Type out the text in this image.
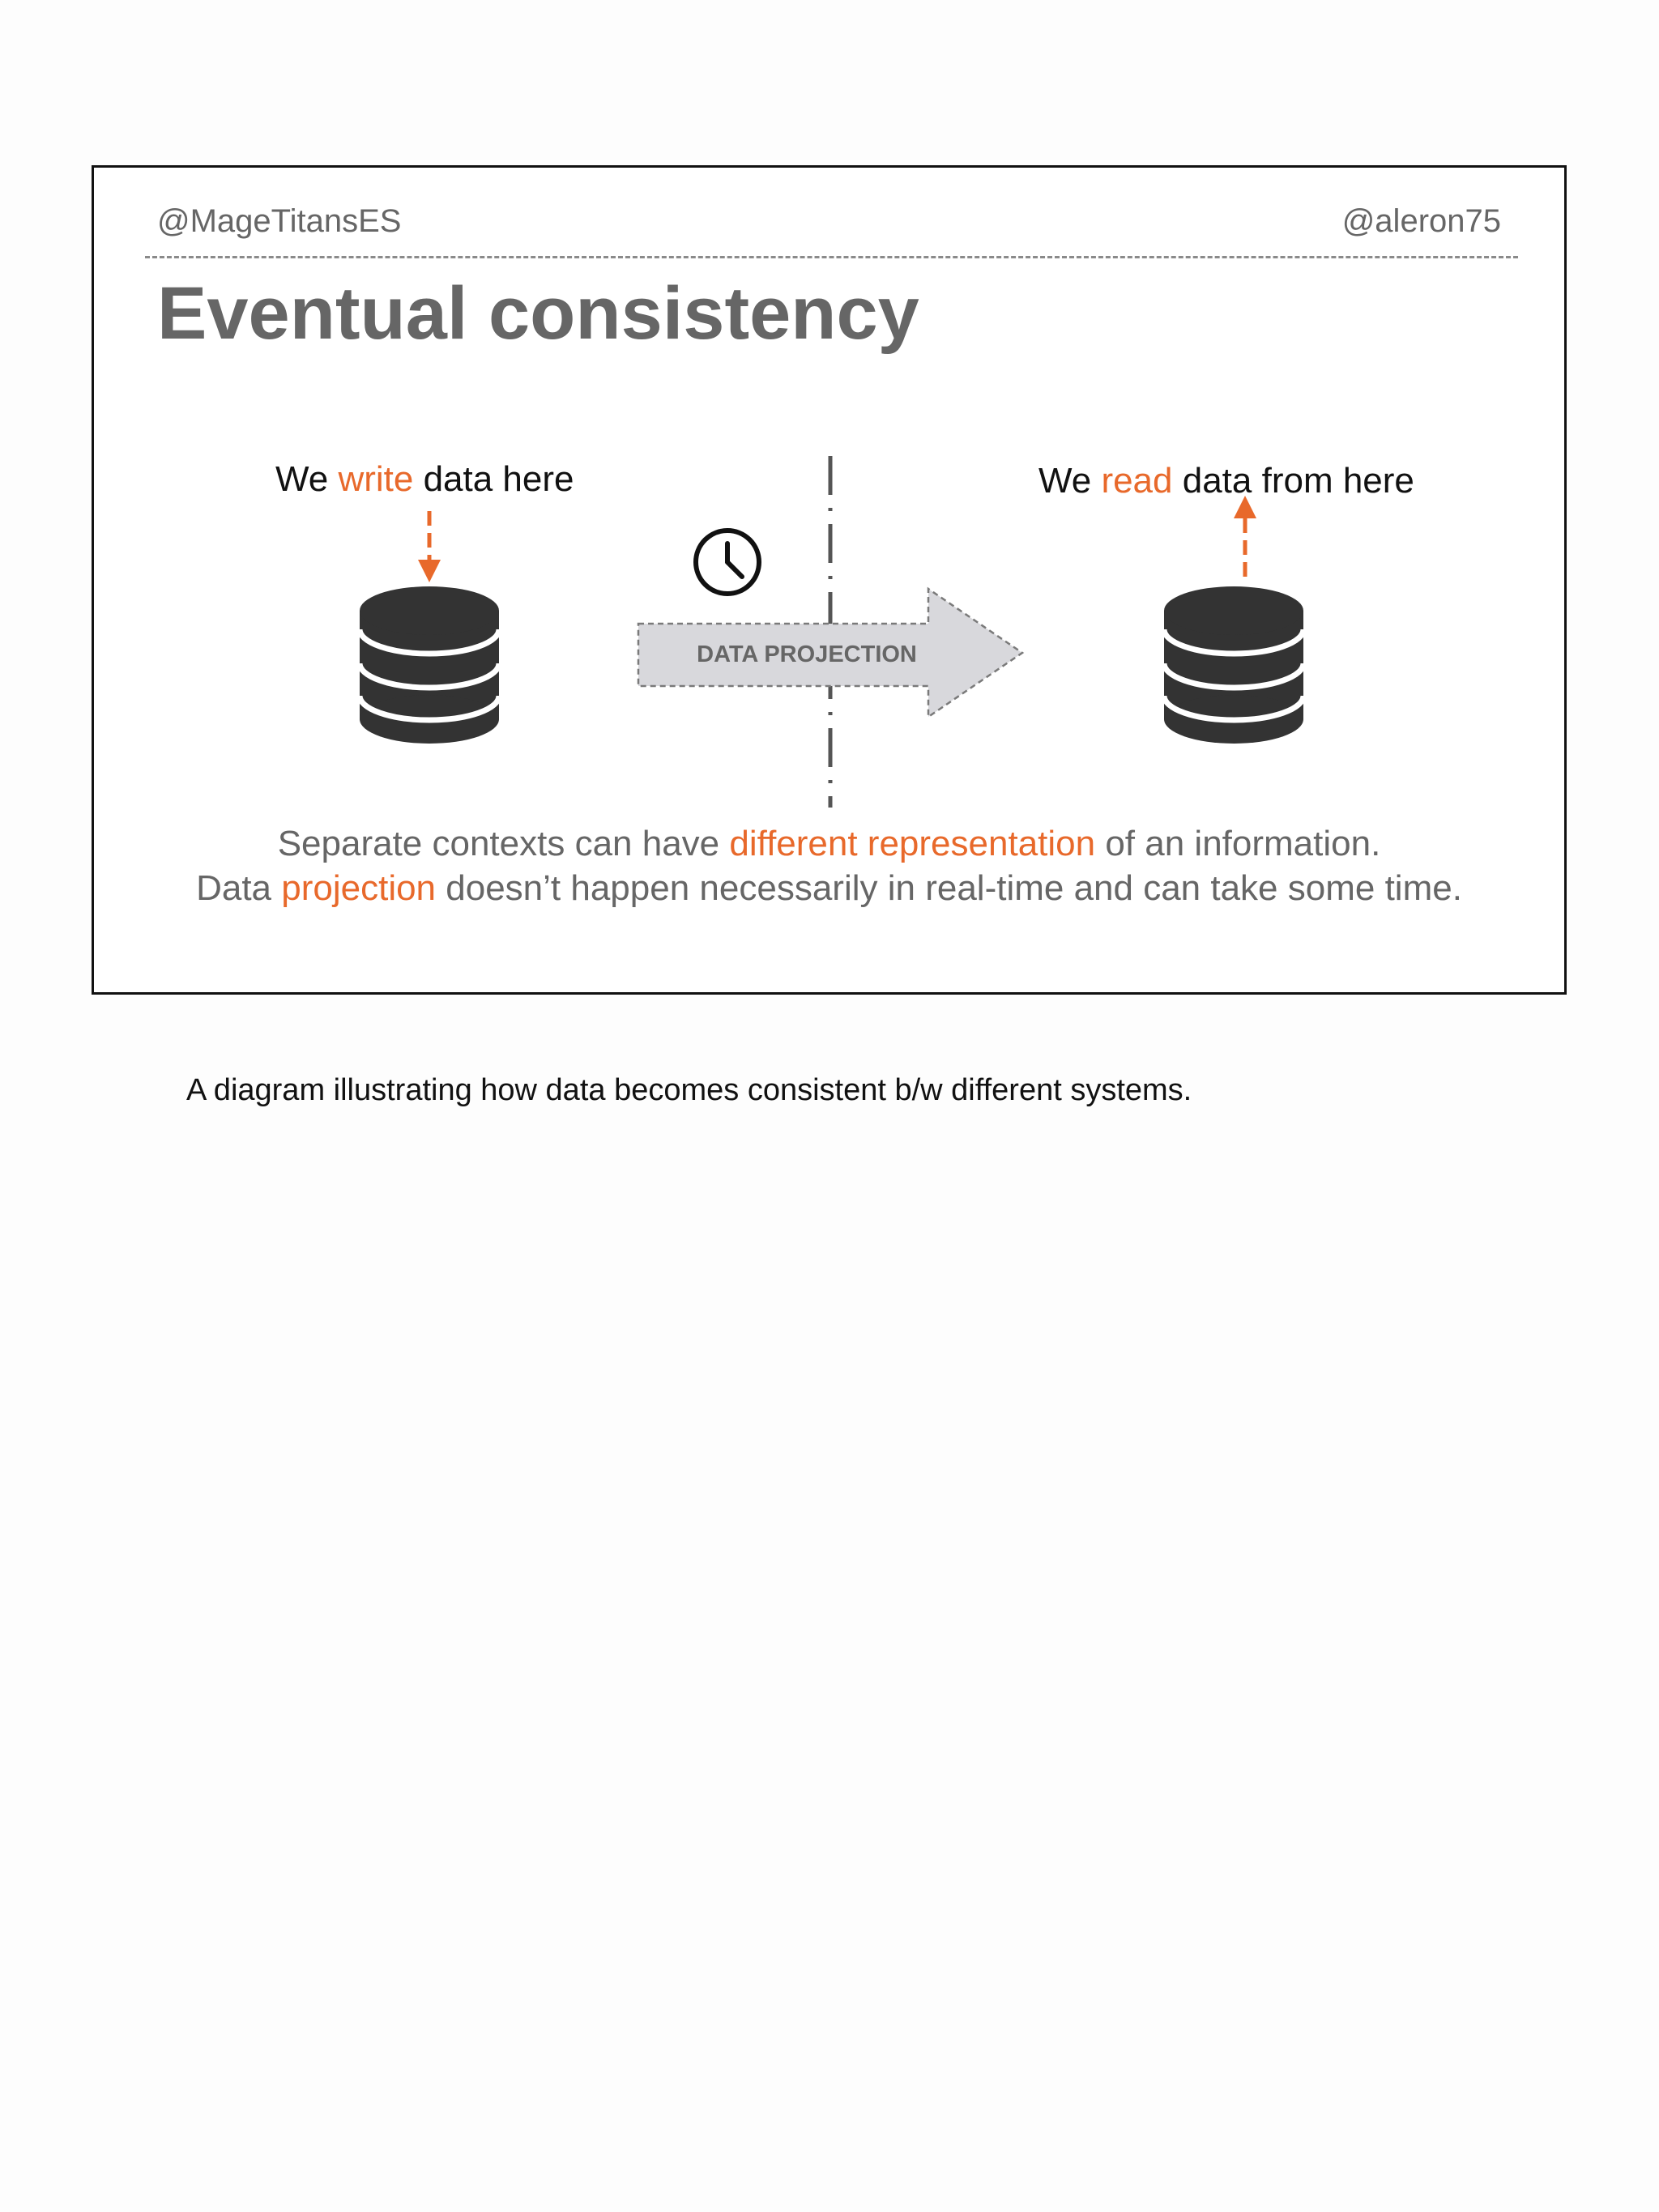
@MageTitansES	@aleron75
Eventual consistency
DATA PROJECTION
We write data here	We read data from here
Separate contexts can have different representation of an information.
Data projection doesn’t happen necessarily in real-time and can take some time.
A diagram illustrating how data becomes consistent b/w different systems.
